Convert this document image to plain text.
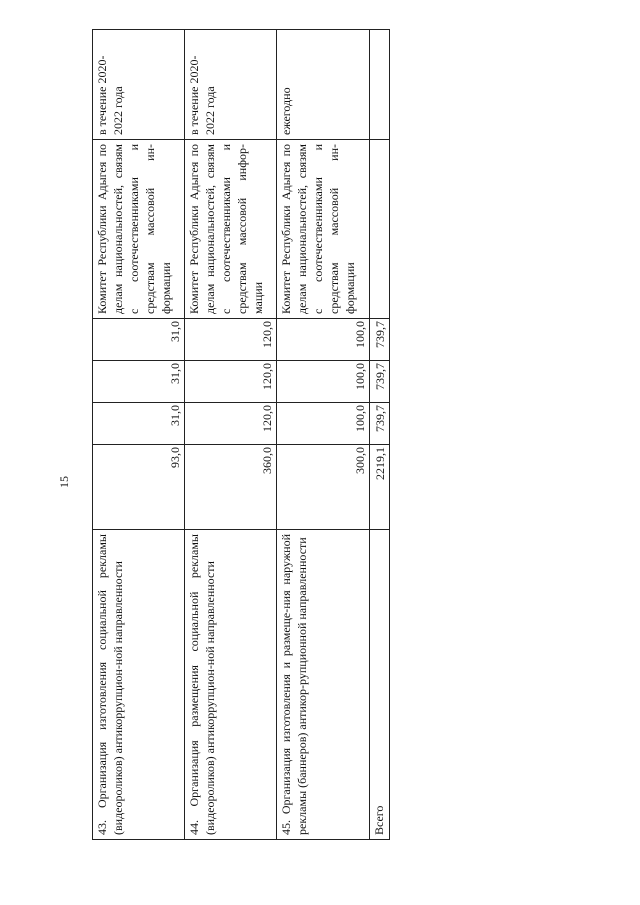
15
43. Организация изготовления социальной рекламы (видеороликов) антикоррупцион-ной направленности	93,0	31,0	31,0	31,0	Комитет Республики Адыгея по делам национальностей, связям с соотечественниками и средствам массовой ин-формации	в течение 2020-2022 года
44. Организация размещения социальной рекламы (видеороликов) антикоррупцион-ной направленности	360,0	120,0	120,0	120,0	Комитет Республики Адыгея по делам национальностей, связям с соотечественниками и средствам массовой инфор-мации	в течение 2020-2022 года
45. Организация изготовления и размеще-ния наружной рекламы (баннеров) антикор-рупционной направленности	300,0	100,0	100,0	100,0	Комитет Республики Адыгея по делам национальностей, связям с соотечественниками и средствам массовой ин-формации	ежегодно
Всего	2219,1	739,7	739,7	739,7		
